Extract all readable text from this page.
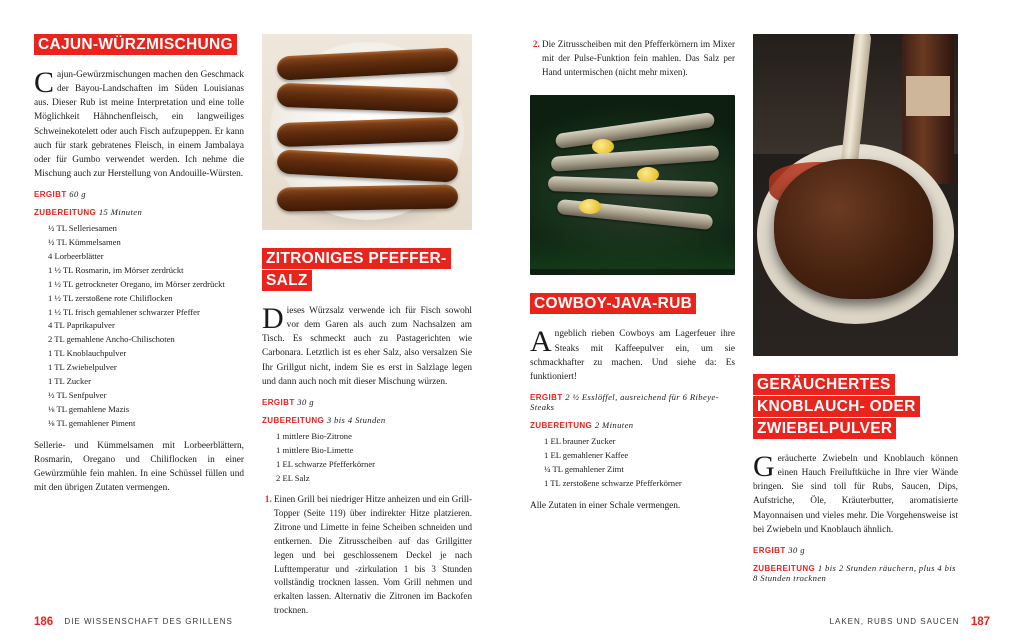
CAJUN-WÜRZMISCHUNG

Cajun-Gewürzmischungen machen den Geschmack der Bayou-Landschaften im Süden Louisianas aus. Dieser Rub ist meine Interpretation und eine tolle Möglichkeit Hähnchenfleisch, ein langweiliges Schweinekotelett oder auch Fisch aufzupeppen. Er kann auch für stark gebratenes Fleisch, in einem Jambalaya oder für Gumbo verwendet werden. Ich nehme die Mischung auch zur Herstellung von Andouille-Würsten.

ERGIBT 60 g
ZUBEREITUNG 15 Minuten
½ TL Selleriesamen
½ TL Kümmelsamen
4 Lorbeerblätter
1 ½ TL Rosmarin, im Mörser zerdrückt
1 ½ TL getrockneter Oregano, im Mörser zerdrückt
1 ½ TL zerstoßene rote Chiliflocken
1 ½ TL frisch gemahlener schwarzer Pfeffer
4 TL Paprikapulver
2 TL gemahlene Ancho-Chilischoten
1 TL Knoblauchpulver
1 TL Zwiebelpulver
1 TL Zucker
½ TL Senfpulver
⅛ TL gemahlene Mazis
⅛ TL gemahlener Piment

Sellerie- und Kümmelsamen mit Lorbeerblättern, Rosmarin, Oregano und Chiliflocken in einer Gewürzmühle fein mahlen. In eine Schüssel füllen und mit den übrigen Zutaten vermengen.

ZITRONIGES PFEFFER-SALZ

Dieses Würzsalz verwende ich für Fisch sowohl vor dem Garen als auch zum Nachsalzen am Tisch. Es schmeckt auch zu Pastagerichten wie Carbonara. Letztlich ist es eher Salz, also versalzen Sie Ihr Grillgut nicht, indem Sie es erst in Salzlage legen und dann auch noch mit dieser Mischung würzen.

ERGIBT 30 g
ZUBEREITUNG 3 bis 4 Stunden
1 mittlere Bio-Zitrone
1 mittlere Bio-Limette
1 EL schwarze Pfefferkörner
2 EL Salz
1. Einen Grill bei niedriger Hitze anheizen und ein Grill-Topper (Seite 119) über indirekter Hitze platzieren. Zitrone und Limette in feine Scheiben schneiden und entkernen. Die Zitrusscheiben auf das Grillgitter legen und bei geschlossenem Deckel je nach Lufttemperatur und -zirkulation 1 bis 3 Stunden vollständig trocknen lassen. Vom Grill nehmen und erkalten lassen. Alternativ die Zitronen im Backofen trocknen.
186 DIE WISSENSCHAFT DES GRILLENS
2. Die Zitrusscheiben mit den Pfefferkörnern im Mixer mit der Pulse-Funktion fein mahlen. Das Salz per Hand untermischen (nicht mehr mixen).
COWBOY-JAVA-RUB

Angeblich rieben Cowboys am Lagerfeuer ihre Steaks mit Kaffeepulver ein, um sie schmackhafter zu machen. Und siehe da: Es funktioniert!

ERGIBT 2 ½ Esslöffel, ausreichend für 6 Ribeye-Steaks
ZUBEREITUNG 2 Minuten
1 EL brauner Zucker
1 EL gemahlener Kaffee
¼ TL gemahlener Zimt
1 TL zerstoßene schwarze Pfefferkörner

Alle Zutaten in einer Schale vermengen.

GERÄUCHERTES KNOBLAUCH- ODER ZWIEBELPULVER

Geräucherte Zwiebeln und Knoblauch können einen Hauch Freiluftküche in Ihre vier Wände bringen. Sie sind toll für Rubs, Saucen, Dips, Aufstriche, Öle, Kräuterbutter, aromatisierte Mayonnaisen und vieles mehr. Die Vorgehensweise ist bei Zwiebeln und Knoblauch ähnlich.

ERGIBT 30 g
ZUBEREITUNG 1 bis 2 Stunden räuchern, plus 4 bis 8 Stunden trocknen
LAKEN, RUBS UND SAUCEN 187
